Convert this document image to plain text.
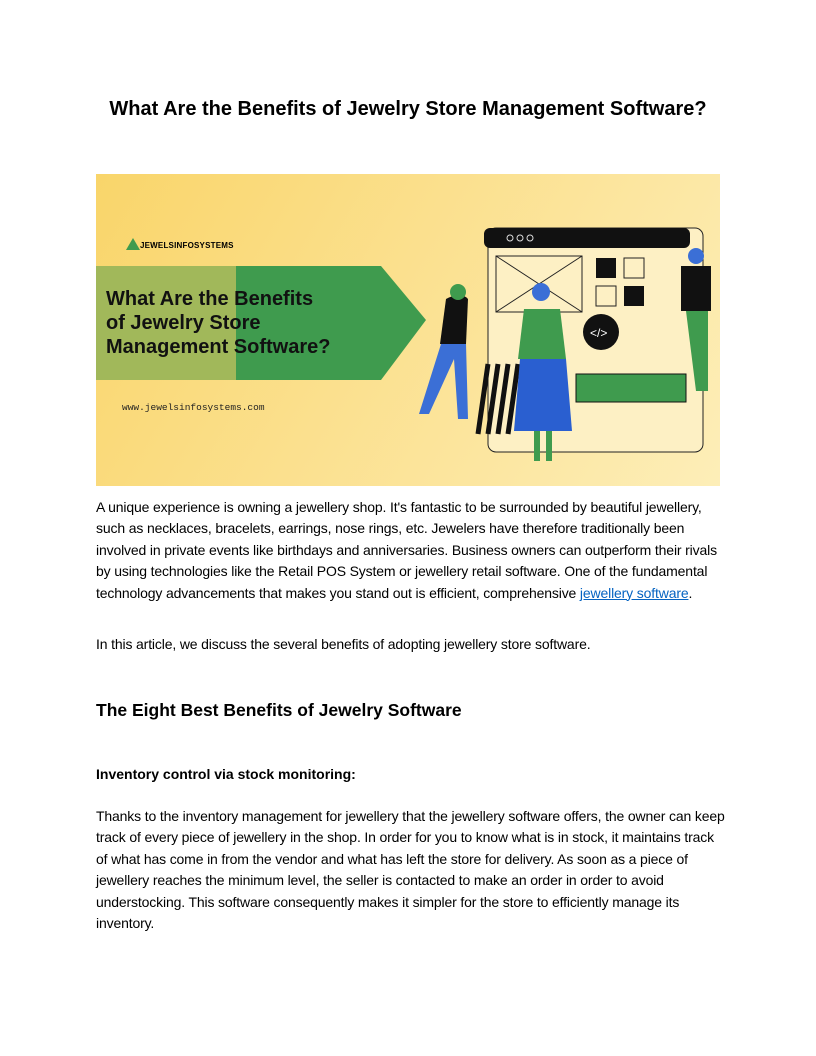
What Are the Benefits of Jewelry Store Management Software?
</>
JEWELSINFOSYSTEMS
What Are the Benefits
of Jewelry Store
Management Software?
www.jewelsinfosystems.com

A unique experience is owning a jewellery shop. It's fantastic to be surrounded by beautiful jewellery, such as necklaces, bracelets, earrings, nose rings, etc. Jewelers have therefore traditionally been involved in private events like birthdays and anniversaries. Business owners can outperform their rivals by using technologies like the Retail POS System or jewellery retail software. One of the fundamental technology advancements that makes you stand out is efficient, comprehensive jewellery software.

In this article, we discuss the several benefits of adopting jewellery store software.

The Eight Best Benefits of Jewelry Software
Inventory control via stock monitoring:

Thanks to the inventory management for jewellery that the jewellery software offers, the owner can keep track of every piece of jewellery in the shop. In order for you to know what is in stock, it maintains track of what has come in from the vendor and what has left the store for delivery. As soon as a piece of jewellery reaches the minimum level, the seller is contacted to make an order in order to avoid understocking. This software consequently makes it simpler for the store to efficiently manage its inventory.
